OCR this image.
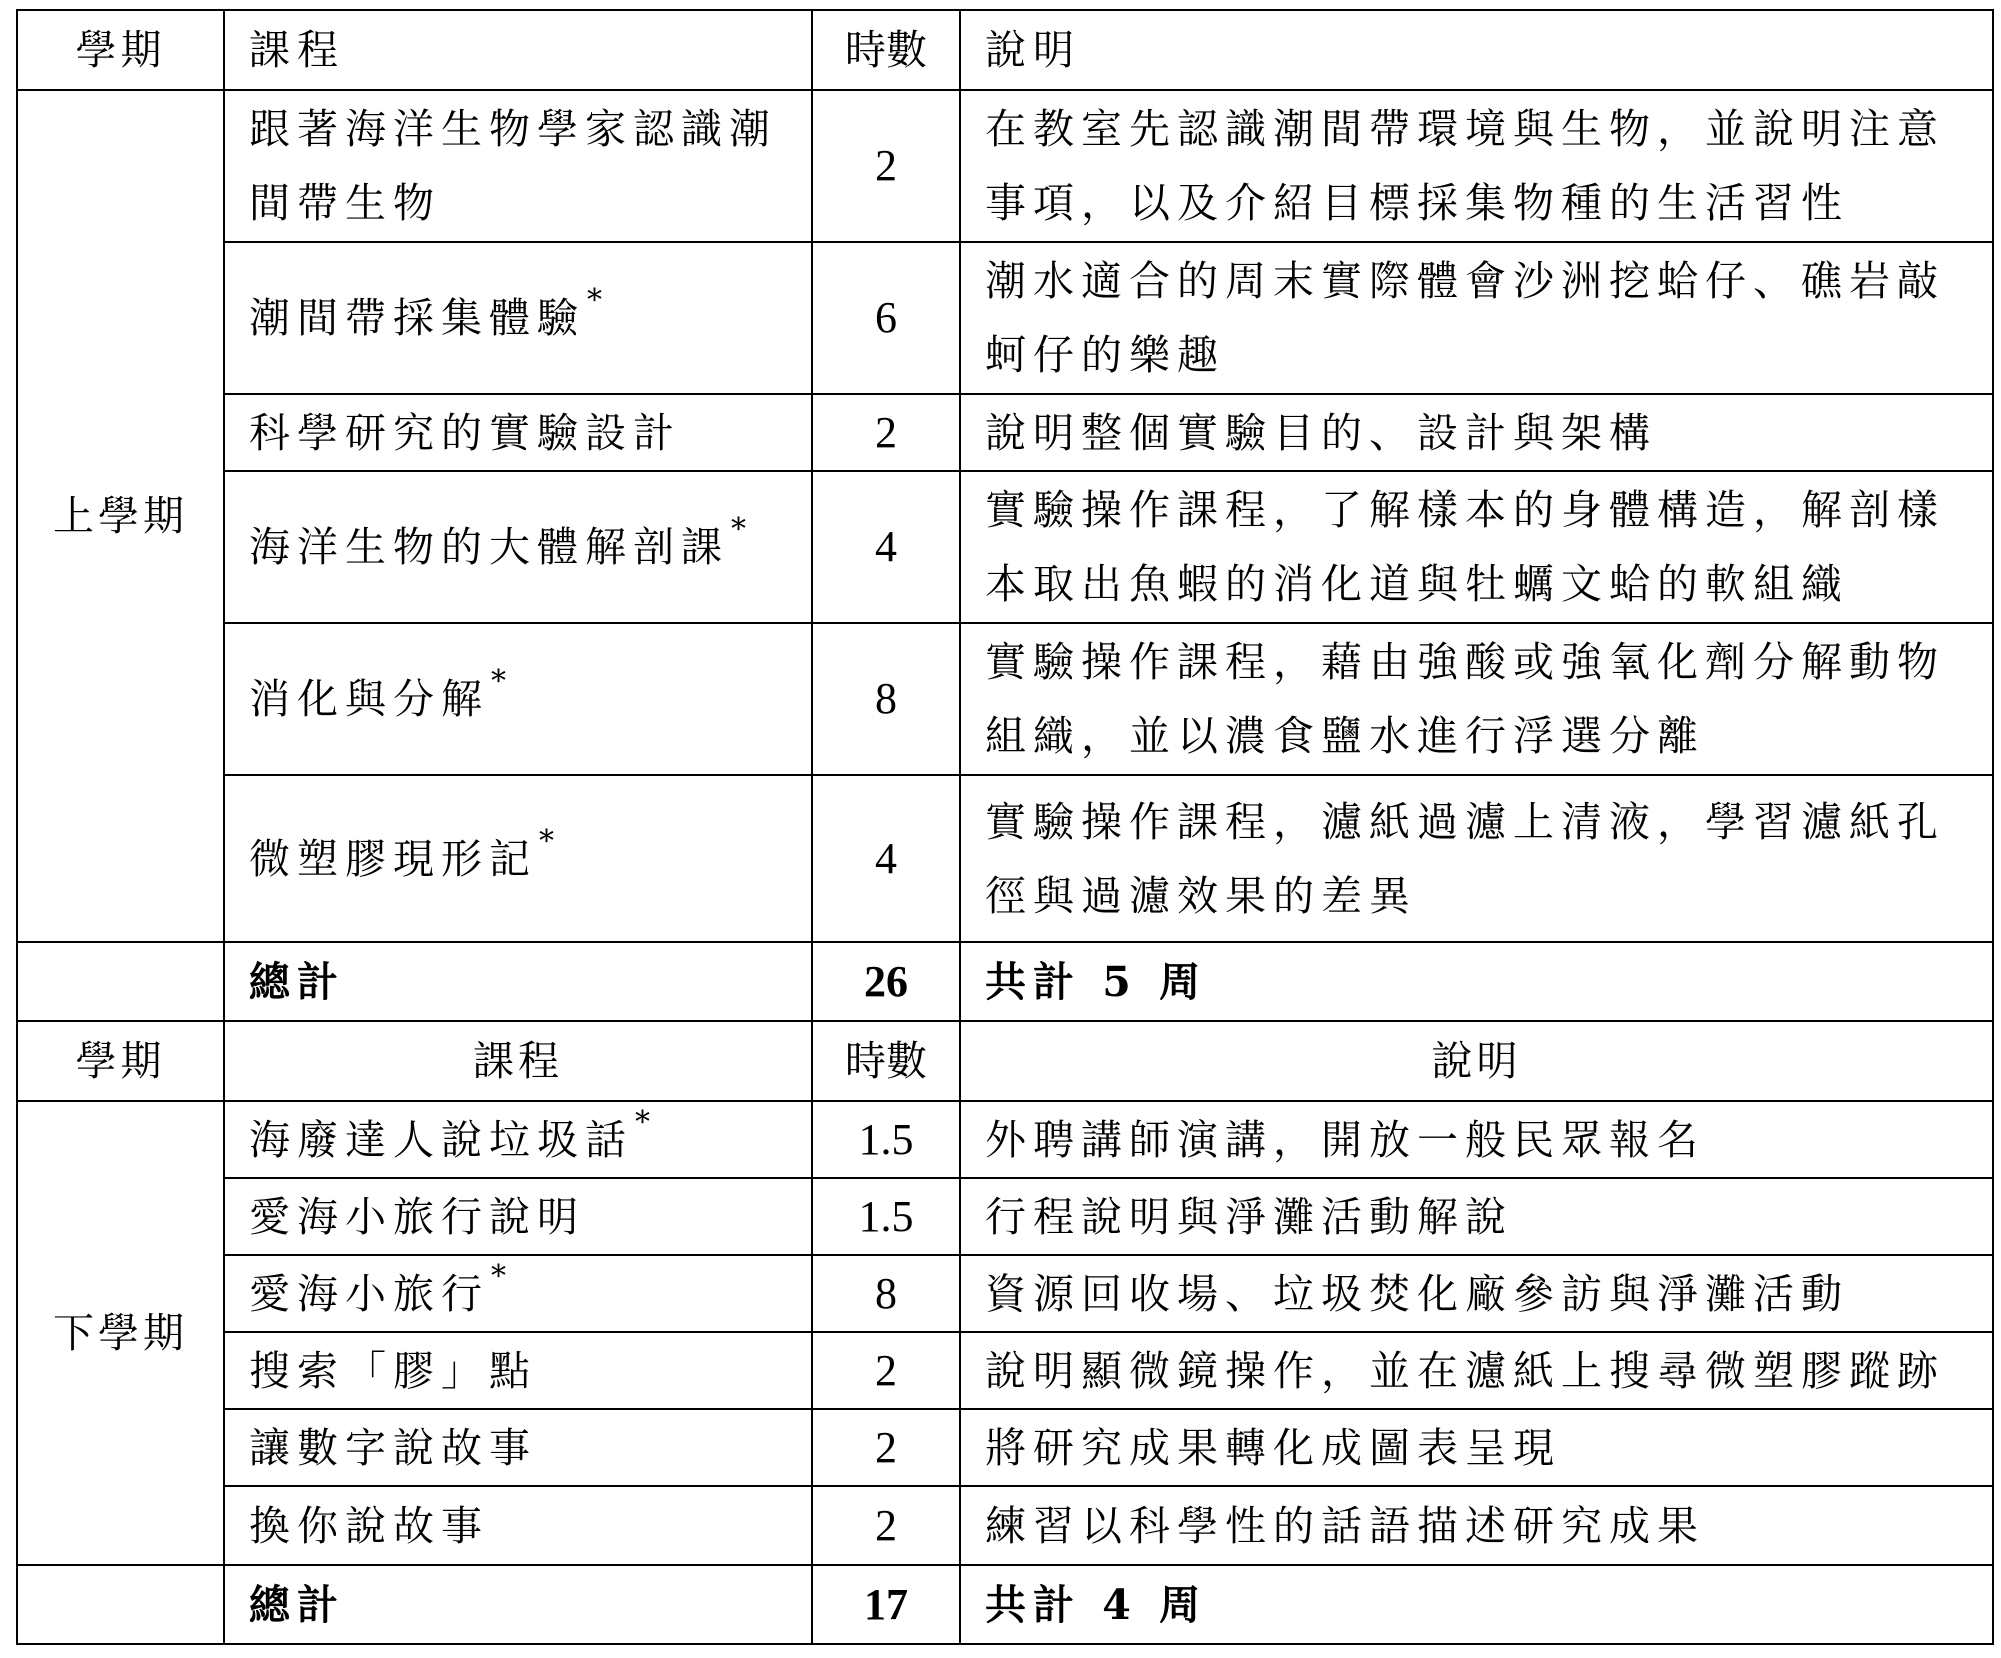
學期	課程	時數	說明
上學期	跟著海洋生物學家認識潮間帶生物	2	在教室先認識潮間帶環境與生物，並說明注意事項，以及介紹目標採集物種的生活習性
	潮間帶採集體驗*	6	潮水適合的周末實際體會沙洲挖蛤仔、礁岩敲蚵仔的樂趣
	科學研究的實驗設計	2	說明整個實驗目的、設計與架構
	海洋生物的大體解剖課*	4	實驗操作課程，了解樣本的身體構造，解剖樣本取出魚蝦的消化道與牡蠣文蛤的軟組織
	消化與分解*	8	實驗操作課程，藉由強酸或強氧化劑分解動物組織，並以濃食鹽水進行浮選分離
	微塑膠現形記*	4	實驗操作課程，濾紙過濾上清液，學習濾紙孔徑與過濾效果的差異
	總計	26	共計 5 周
學期	課程	時數	說明
下學期	海廢達人說垃圾話*	1.5	外聘講師演講，開放一般民眾報名
	愛海小旅行說明	1.5	行程說明與淨灘活動解說
	愛海小旅行*	8	資源回收場、垃圾焚化廠參訪與淨灘活動
	搜索「膠」點	2	說明顯微鏡操作，並在濾紙上搜尋微塑膠蹤跡
	讓數字說故事	2	將研究成果轉化成圖表呈現
	換你說故事	2	練習以科學性的話語描述研究成果
	總計	17	共計 4 周
